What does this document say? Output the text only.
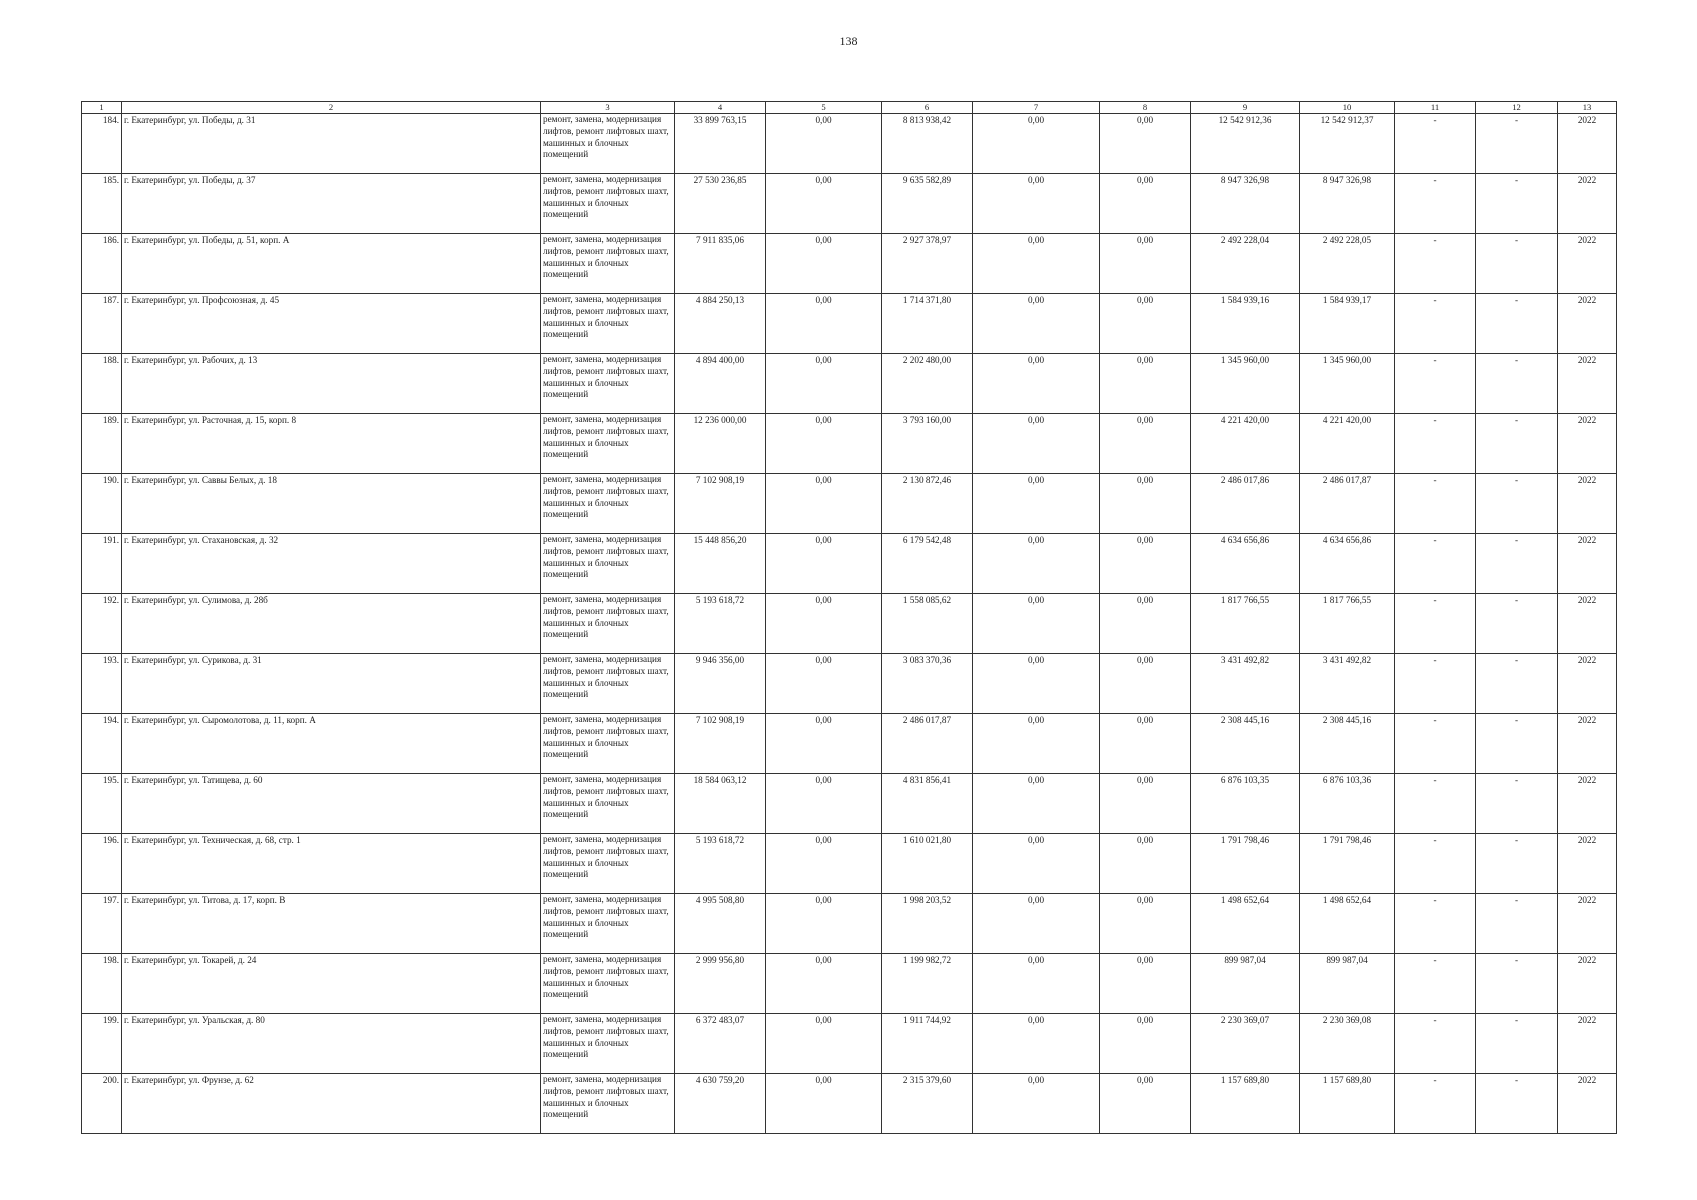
138
1	2	3	4	5	6	7	8	9	10	11	12	13
184.	г. Екатеринбург, ул. Победы, д. 31	ремонт, замена, модернизация лифтов, ремонт лифтовых шахт, машинных и блочных помещений	33 899 763,15	0,00	8 813 938,42	0,00	0,00	12 542 912,36	12 542 912,37	-	-	2022
185.	г. Екатеринбург, ул. Победы, д. 37	ремонт, замена, модернизация лифтов, ремонт лифтовых шахт, машинных и блочных помещений	27 530 236,85	0,00	9 635 582,89	0,00	0,00	8 947 326,98	8 947 326,98	-	-	2022
186.	г. Екатеринбург, ул. Победы, д. 51, корп. А	ремонт, замена, модернизация лифтов, ремонт лифтовых шахт, машинных и блочных помещений	7 911 835,06	0,00	2 927 378,97	0,00	0,00	2 492 228,04	2 492 228,05	-	-	2022
187.	г. Екатеринбург, ул. Профсоюзная, д. 45	ремонт, замена, модернизация лифтов, ремонт лифтовых шахт, машинных и блочных помещений	4 884 250,13	0,00	1 714 371,80	0,00	0,00	1 584 939,16	1 584 939,17	-	-	2022
188.	г. Екатеринбург, ул. Рабочих, д. 13	ремонт, замена, модернизация лифтов, ремонт лифтовых шахт, машинных и блочных помещений	4 894 400,00	0,00	2 202 480,00	0,00	0,00	1 345 960,00	1 345 960,00	-	-	2022
189.	г. Екатеринбург, ул. Расточная, д. 15, корп. 8	ремонт, замена, модернизация лифтов, ремонт лифтовых шахт, машинных и блочных помещений	12 236 000,00	0,00	3 793 160,00	0,00	0,00	4 221 420,00	4 221 420,00	-	-	2022
190.	г. Екатеринбург, ул. Саввы Белых, д. 18	ремонт, замена, модернизация лифтов, ремонт лифтовых шахт, машинных и блочных помещений	7 102 908,19	0,00	2 130 872,46	0,00	0,00	2 486 017,86	2 486 017,87	-	-	2022
191.	г. Екатеринбург, ул. Стахановская, д. 32	ремонт, замена, модернизация лифтов, ремонт лифтовых шахт, машинных и блочных помещений	15 448 856,20	0,00	6 179 542,48	0,00	0,00	4 634 656,86	4 634 656,86	-	-	2022
192.	г. Екатеринбург, ул. Сулимова, д. 28б	ремонт, замена, модернизация лифтов, ремонт лифтовых шахт, машинных и блочных помещений	5 193 618,72	0,00	1 558 085,62	0,00	0,00	1 817 766,55	1 817 766,55	-	-	2022
193.	г. Екатеринбург, ул. Сурикова, д. 31	ремонт, замена, модернизация лифтов, ремонт лифтовых шахт, машинных и блочных помещений	9 946 356,00	0,00	3 083 370,36	0,00	0,00	3 431 492,82	3 431 492,82	-	-	2022
194.	г. Екатеринбург, ул. Сыромолотова, д. 11, корп. А	ремонт, замена, модернизация лифтов, ремонт лифтовых шахт, машинных и блочных помещений	7 102 908,19	0,00	2 486 017,87	0,00	0,00	2 308 445,16	2 308 445,16	-	-	2022
195.	г. Екатеринбург, ул. Татищева, д. 60	ремонт, замена, модернизация лифтов, ремонт лифтовых шахт, машинных и блочных помещений	18 584 063,12	0,00	4 831 856,41	0,00	0,00	6 876 103,35	6 876 103,36	-	-	2022
196.	г. Екатеринбург, ул. Техническая, д. 68, стр. 1	ремонт, замена, модернизация лифтов, ремонт лифтовых шахт, машинных и блочных помещений	5 193 618,72	0,00	1 610 021,80	0,00	0,00	1 791 798,46	1 791 798,46	-	-	2022
197.	г. Екатеринбург, ул. Титова, д. 17, корп. В	ремонт, замена, модернизация лифтов, ремонт лифтовых шахт, машинных и блочных помещений	4 995 508,80	0,00	1 998 203,52	0,00	0,00	1 498 652,64	1 498 652,64	-	-	2022
198.	г. Екатеринбург, ул. Токарей, д. 24	ремонт, замена, модернизация лифтов, ремонт лифтовых шахт, машинных и блочных помещений	2 999 956,80	0,00	1 199 982,72	0,00	0,00	899 987,04	899 987,04	-	-	2022
199.	г. Екатеринбург, ул. Уральская, д. 80	ремонт, замена, модернизация лифтов, ремонт лифтовых шахт, машинных и блочных помещений	6 372 483,07	0,00	1 911 744,92	0,00	0,00	2 230 369,07	2 230 369,08	-	-	2022
200.	г. Екатеринбург, ул. Фрунзе, д. 62	ремонт, замена, модернизация лифтов, ремонт лифтовых шахт, машинных и блочных помещений	4 630 759,20	0,00	2 315 379,60	0,00	0,00	1 157 689,80	1 157 689,80	-	-	2022
